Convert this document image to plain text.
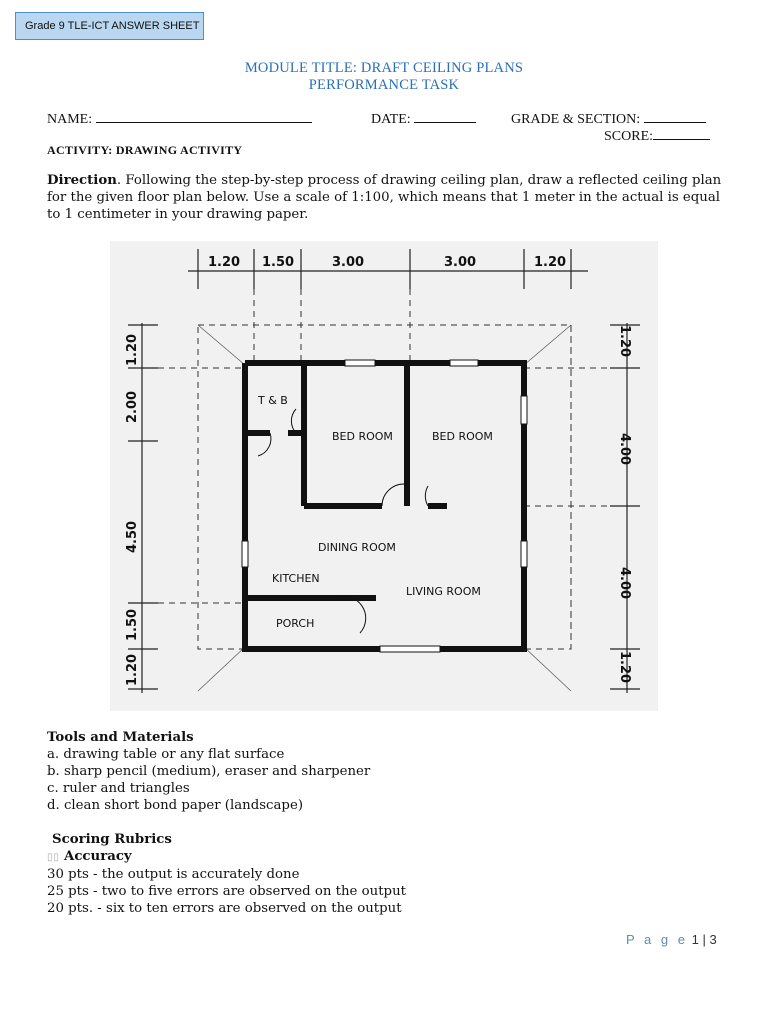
Grade 9 TLE-ICT ANSWER SHEET
MODULE TITLE: DRAFT CEILING PLANS
PERFORMANCE TASK
NAME:	DATE:	GRADE & SECTION:
SCORE:
ACTIVITY: DRAWING ACTIVITY
Direction. Following the step-by-step process of drawing ceiling plan, draw a reflected ceiling plan for the given floor plan below. Use a scale of 1:100, which means that 1 meter in the actual is equal to 1 centimeter in your drawing paper.
T & B
BED ROOM	BED ROOM
DINING ROOM
KITCHEN
LIVING ROOM
PORCH
1.20 1.50	3.00	3.00	1.20
1.20
2.00
4.50
1.50
1.20
1.20
4.00
4.00
1.20
Tools and Materials
a. drawing table or any flat surface
b. sharp pencil (medium), eraser and sharpener
c. ruler and triangles
d. clean short bond paper (landscape)
Scoring Rubrics
▯▯ Accuracy
30 pts - the output is accurately done
25 pts - two to five errors are observed on the output
20 pts. - six to ten errors are observed on the output
P a g e 1 | 3
